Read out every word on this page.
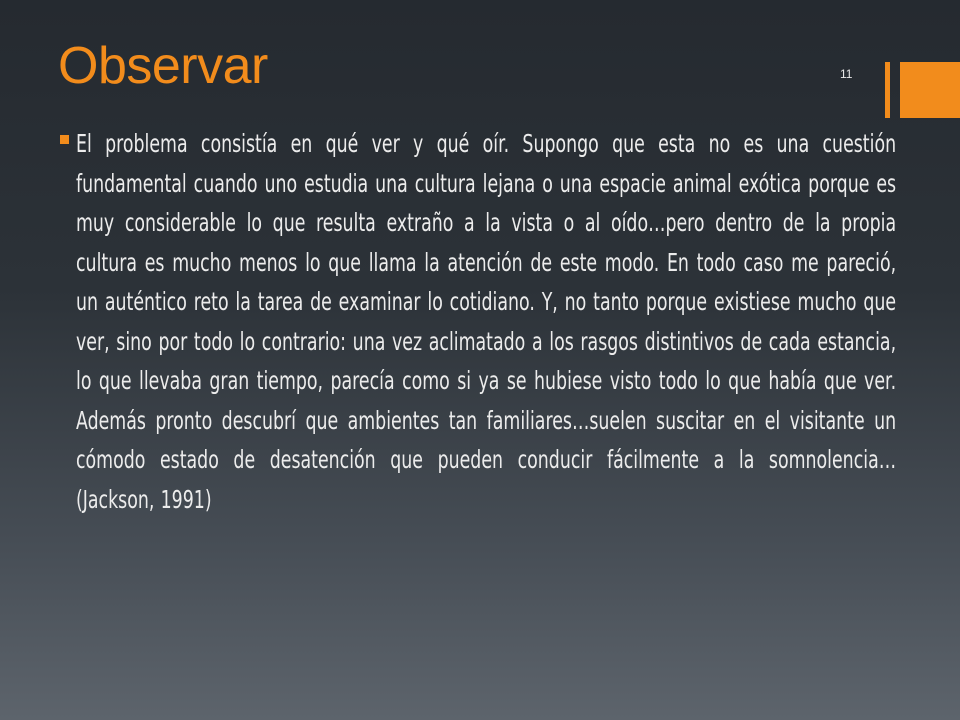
Observar	11

El problema consistía en qué ver y qué oír. Supongo que esta no es una cuestión fundamental cuando uno estudia una cultura lejana o una espacie animal exótica porque es muy considerable lo que resulta extraño a la vista o al oído…pero dentro de la propia cultura es mucho menos lo que llama la atención de este modo. En todo caso me pareció, un auténtico reto la tarea de examinar lo cotidiano. Y, no tanto porque existiese mucho que ver, sino por todo lo contrario: una vez aclimatado a los rasgos distintivos de cada estancia, lo que llevaba gran tiempo, parecía como si ya se hubiese visto todo lo que había que ver. Además pronto descubrí que ambientes tan familiares…suelen suscitar en el visitante un cómodo estado de desatención que pueden conducir fácilmente a la somnolencia… (Jackson, 1991)
